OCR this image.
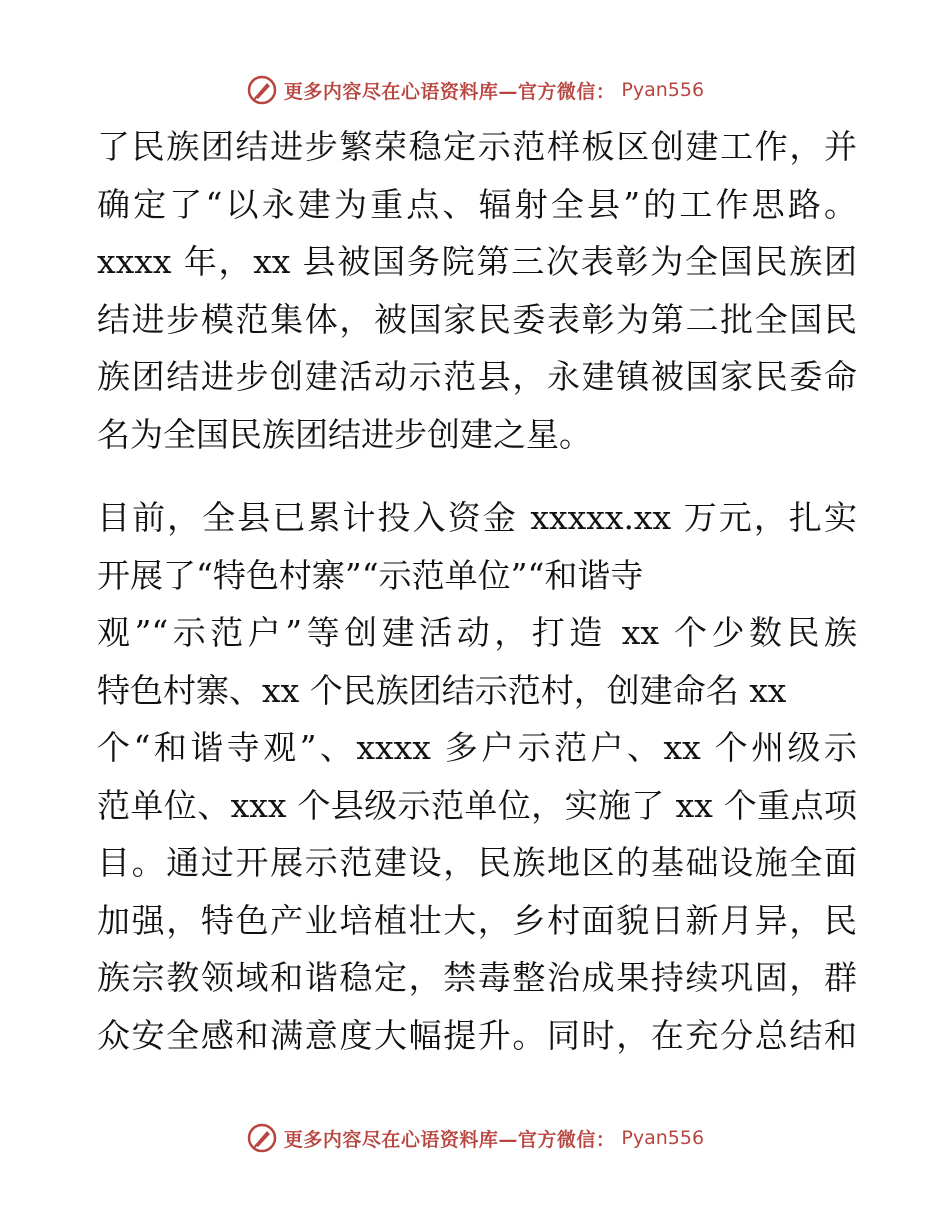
更多内容尽在心语资料库—官方微信： Pyan556
了民族团结进步繁荣稳定示范样板区创建工作，并
确定了“以永建为重点、辐射全县”的工作思路。
xxxx 年，xx 县被国务院第三次表彰为全国民族团
结进步模范集体，被国家民委表彰为第二批全国民
族团结进步创建活动示范县，永建镇被国家民委命
名为全国民族团结进步创建之星。
目前，全县已累计投入资金 xxxxx.xx 万元，扎实
开展了“特色村寨”“示范单位”“和谐寺
观”“示范户”等创建活动，打造 xx 个少数民族
特色村寨、xx 个民族团结示范村，创建命名 xx
个“和谐寺观”、xxxx 多户示范户、xx 个州级示
范单位、xxx 个县级示范单位，实施了 xx 个重点项
目。通过开展示范建设，民族地区的基础设施全面
加强，特色产业培植壮大，乡村面貌日新月异，民
族宗教领域和谐稳定，禁毒整治成果持续巩固，群
众安全感和满意度大幅提升。同时，在充分总结和
更多内容尽在心语资料库—官方微信： Pyan556
